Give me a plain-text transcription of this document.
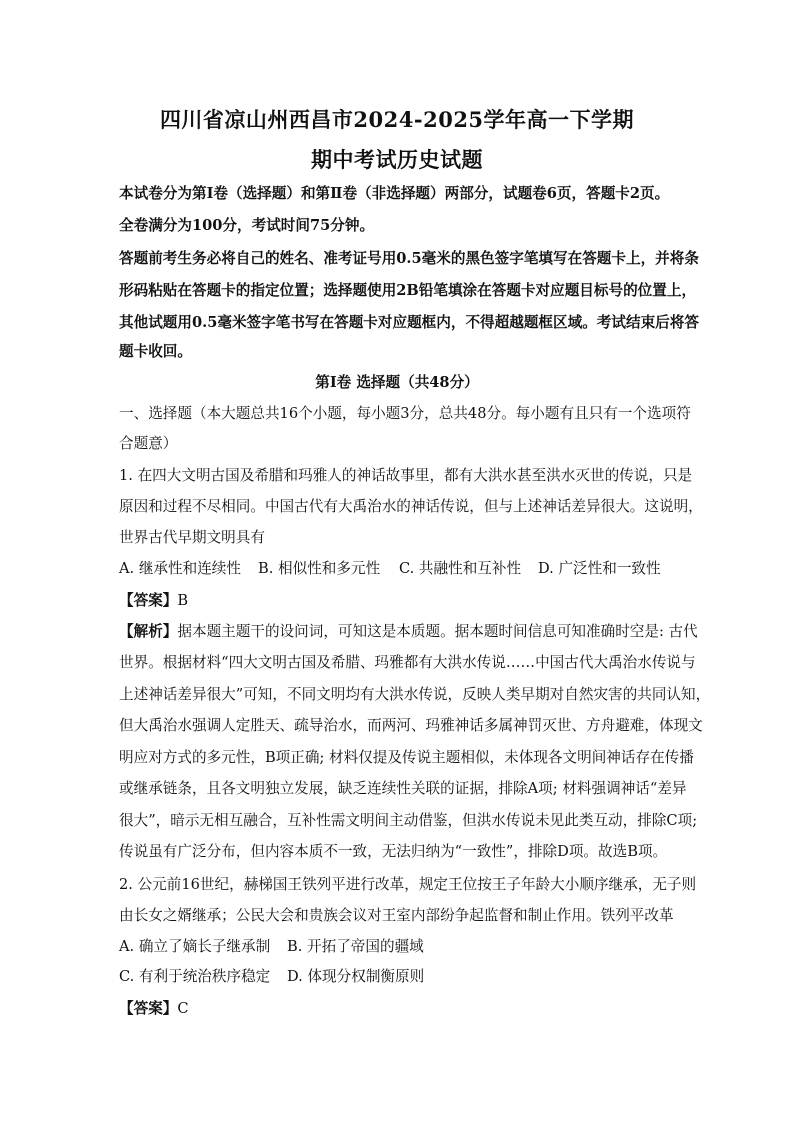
四川省凉山州西昌市2024-2025学年高一下学期
期中考试历史试题
本试卷分为第Ⅰ卷（选择题）和第Ⅱ卷（非选择题）两部分，试题卷6页，答题卡2页。
全卷满分为100分，考试时间75分钟。
答题前考生务必将自己的姓名、准考证号用0.5毫米的黑色签字笔填写在答题卡上，并将条
形码粘贴在答题卡的指定位置；选择题使用2B铅笔填涂在答题卡对应题目标号的位置上，
其他试题用0.5毫米签字笔书写在答题卡对应题框内，不得超越题框区域。考试结束后将答
题卡收回。
第Ⅰ卷 选择题（共48分）
一、选择题（本大题总共16个小题，每小题3分，总共48分。每小题有且只有一个选项符
合题意）
1. 在四大文明古国及希腊和玛雅人的神话故事里，都有大洪水甚至洪水灭世的传说，只是
原因和过程不尽相同。中国古代有大禹治水的神话传说，但与上述神话差异很大。这说明，
世界古代早期文明具有
A. 继承性和连续性 B. 相似性和多元性 C. 共融性和互补性 D. 广泛性和一致性
【答案】B
【解析】据本题主题干的设问词，可知这是本质题。据本题时间信息可知准确时空是: 古代
世界。根据材料“四大文明古国及希腊、玛雅都有大洪水传说……中国古代大禹治水传说与
上述神话差异很大”可知，不同文明均有大洪水传说，反映人类早期对自然灾害的共同认知，
但大禹治水强调人定胜天、疏导治水，而两河、玛雅神话多属神罚灭世、方舟避难，体现文
明应对方式的多元性，B项正确; 材料仅提及传说主题相似，未体现各文明间神话存在传播
或继承链条，且各文明独立发展，缺乏连续性关联的证据，排除A项; 材料强调神话“差异
很大”，暗示无相互融合，互补性需文明间主动借鉴，但洪水传说未见此类互动，排除C项;
传说虽有广泛分布，但内容本质不一致，无法归纳为“一致性”，排除D项。故选B项。
2. 公元前16世纪，赫梯国王铁列平进行改革，规定王位按王子年龄大小顺序继承，无子则
由长女之婿继承；公民大会和贵族会议对王室内部纷争起监督和制止作用。铁列平改革
A. 确立了嫡长子继承制 B. 开拓了帝国的疆域
C. 有利于统治秩序稳定 D. 体现分权制衡原则
【答案】C
